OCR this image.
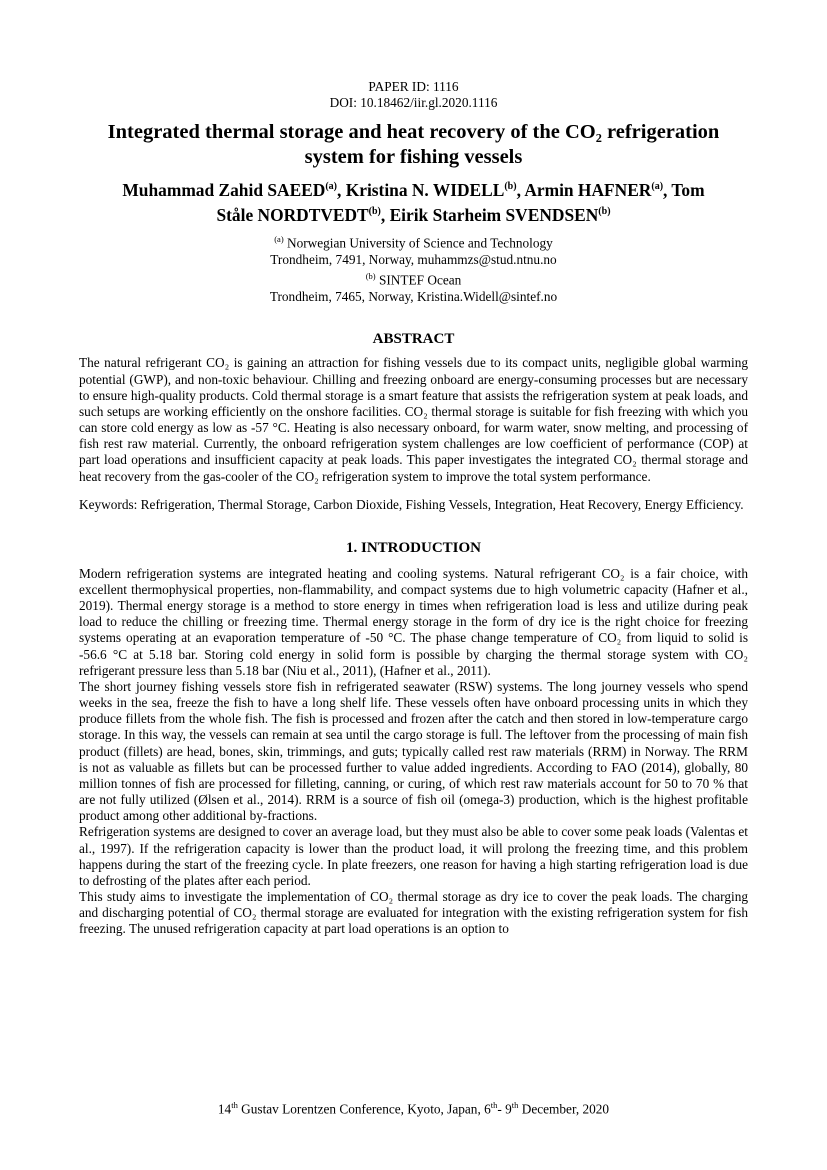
PAPER ID: 1116
DOI: 10.18462/iir.gl.2020.1116
Integrated thermal storage and heat recovery of the CO₂ refrigeration
system for fishing vessels
Muhammad Zahid SAEED$^{(a)}$, Kristina N. WIDELL$^{(b)}$, Armin HAFNER$^{(a)}$, Tom
Ståle NORDTVEDT$^{(b)}$, Eirik Starheim SVENDSEN$^{(b)}$
$^{(a)}$ Norwegian University of Science and Technology
Trondheim, 7491, Norway, muhammzs@stud.ntnu.no
$^{(b)}$ SINTEF Ocean
Trondheim, 7465, Norway, Kristina.Widell@sintef.no
ABSTRACT

The natural refrigerant CO₂ is gaining an attraction for fishing vessels due to its compact units, negligible global warming potential (GWP), and non-toxic behaviour. Chilling and freezing onboard are energy-consuming processes but are necessary to ensure high-quality products. Cold thermal storage is a smart feature that assists the refrigeration system at peak loads, and such setups are working efficiently on the onshore facilities. CO₂ thermal storage is suitable for fish freezing with which you can store cold energy as low as -57 °C. Heating is also necessary onboard, for warm water, snow melting, and processing of fish rest raw material. Currently, the onboard refrigeration system challenges are low coefficient of performance (COP) at part load operations and insufficient capacity at peak loads. This paper investigates the integrated CO₂ thermal storage and heat recovery from the gas-cooler of the CO₂ refrigeration system to improve the total system performance.

Keywords: Refrigeration, Thermal Storage, Carbon Dioxide, Fishing Vessels, Integration, Heat Recovery, Energy Efficiency.

1. INTRODUCTION

Modern refrigeration systems are integrated heating and cooling systems. Natural refrigerant CO₂ is a fair choice, with excellent thermophysical properties, non-flammability, and compact systems due to high volumetric capacity (Hafner et al., 2019). Thermal energy storage is a method to store energy in times when refrigeration load is less and utilize during peak load to reduce the chilling or freezing time. Thermal energy storage in the form of dry ice is the right choice for freezing systems operating at an evaporation temperature of -50 °C. The phase change temperature of CO₂ from liquid to solid is -56.6 °C at 5.18 bar. Storing cold energy in solid form is possible by charging the thermal storage system with CO₂ refrigerant pressure less than 5.18 bar (Niu et al., 2011), (Hafner et al., 2011).

The short journey fishing vessels store fish in refrigerated seawater (RSW) systems. The long journey vessels who spend weeks in the sea, freeze the fish to have a long shelf life. These vessels often have onboard processing units in which they produce fillets from the whole fish. The fish is processed and frozen after the catch and then stored in low-temperature cargo storage. In this way, the vessels can remain at sea until the cargo storage is full. The leftover from the processing of main fish product (fillets) are head, bones, skin, trimmings, and guts; typically called rest raw materials (RRM) in Norway. The RRM is not as valuable as fillets but can be processed further to value added ingredients. According to FAO (2014), globally, 80 million tonnes of fish are processed for filleting, canning, or curing, of which rest raw materials account for 50 to 70 % that are not fully utilized (Ølsen et al., 2014). RRM is a source of fish oil (omega-3) production, which is the highest profitable product among other additional by-fractions.

Refrigeration systems are designed to cover an average load, but they must also be able to cover some peak loads (Valentas et al., 1997). If the refrigeration capacity is lower than the product load, it will prolong the freezing time, and this problem happens during the start of the freezing cycle. In plate freezers, one reason for having a high starting refrigeration load is due to defrosting of the plates after each period.

This study aims to investigate the implementation of CO₂ thermal storage as dry ice to cover the peak loads. The charging and discharging potential of CO₂ thermal storage are evaluated for integration with the existing refrigeration system for fish freezing. The unused refrigeration capacity at part load operations is an option to

14th Gustav Lorentzen Conference, Kyoto, Japan, 6th- 9th December, 2020
